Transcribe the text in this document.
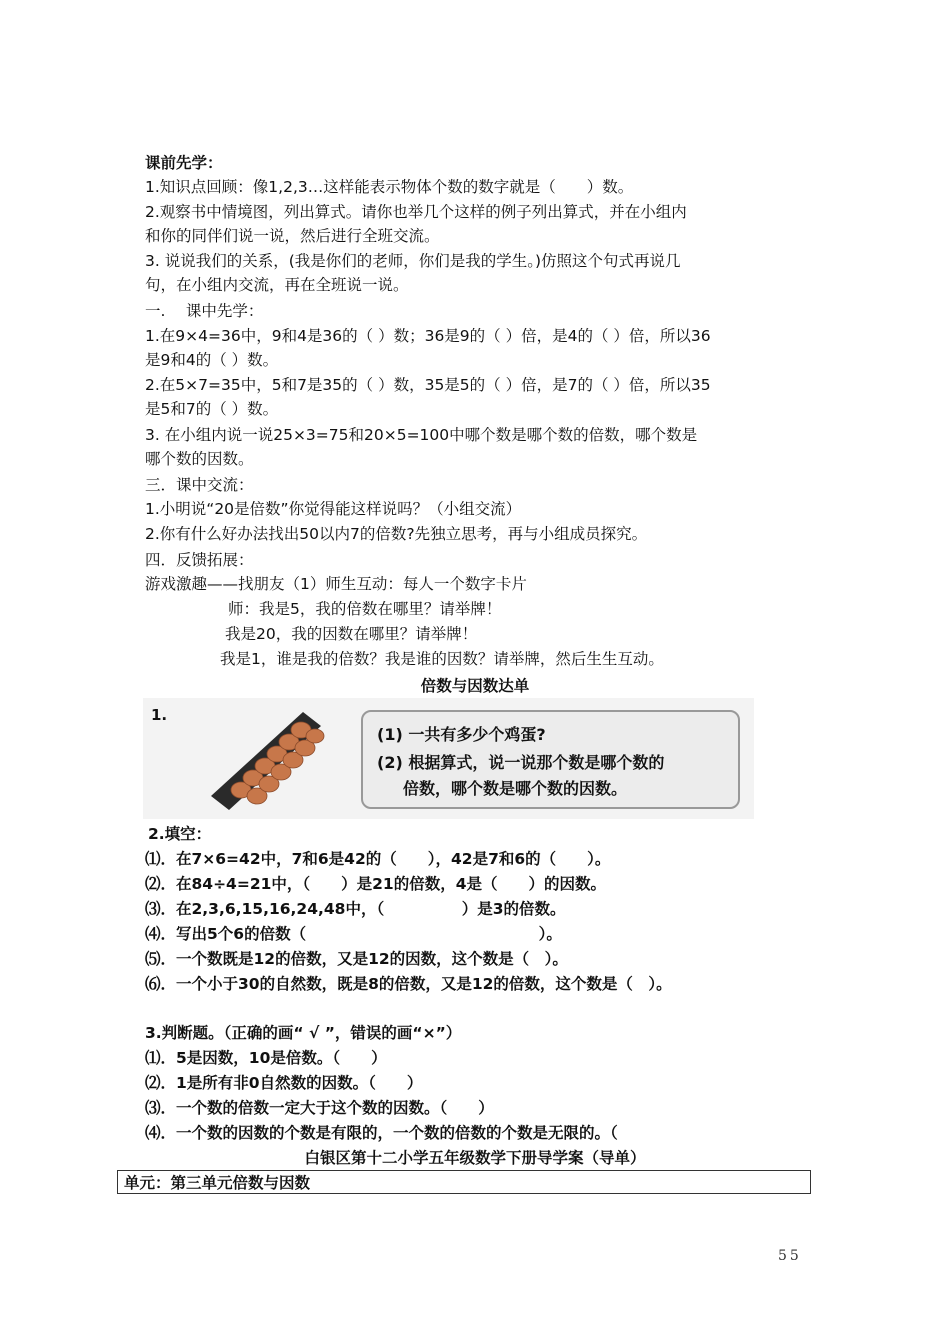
课前先学：
1.知识点回顾：像1,2,3…这样能表示物体个数的数字就是（　　）数。
2.观察书中情境图，列出算式。请你也举几个这样的例子列出算式，并在小组内
和你的同伴们说一说，然后进行全班交流。
3. 说说我们的关系，(我是你们的老师，你们是我的学生。)仿照这个句式再说几
句，在小组内交流，再在全班说一说。
一.　 课中先学：
1.在9×4=36中，9和4是36的（ ）数；36是9的（ ）倍，是4的（ ）倍，所以36
是9和4的（ ）数。
2.在5×7=35中，5和7是35的（ ）数，35是5的（ ）倍，是7的（ ）倍，所以35
是5和7的（ ）数。
3. 在小组内说一说25×3=75和20×5=100中哪个数是哪个数的倍数，哪个数是
哪个数的因数。
三．课中交流：
1.小明说“20是倍数”你觉得能这样说吗？（小组交流）
2.你有什么好办法找出50以内7的倍数?先独立思考，再与小组成员探究。
四．反馈拓展：
游戏激趣——找朋友（1）师生互动：每人一个数字卡片
师：我是5，我的倍数在哪里？请举牌！
我是20，我的因数在哪里？请举牌！
我是1，谁是我的倍数？我是谁的因数？请举牌，然后生生互动。
倍数与因数达单
1.
(1) 一共有多少个鸡蛋?
(2) 根据算式，说一说那个数是哪个数的
倍数，哪个数是哪个数的因数。
2.填空：
⑴．在7×6=42中，7和6是42的（　　），42是7和6的（　　）。
⑵．在84÷4=21中，（　　）是21的倍数，4是（　　）的因数。
⑶．在2,3,6,15,16,24,48中，（　　　　　）是3的倍数。
⑷．写出5个6的倍数（　　　　　　　　　　　　　　　）。
⑸．一个数既是12的倍数，又是12的因数，这个数是（　）。
⑹．一个小于30的自然数，既是8的倍数，又是12的倍数，这个数是（　）。
3.判断题。（正确的画“ √ ”，错误的画“×”）
⑴．5是因数，10是倍数。（　　）
⑵．1是所有非0自然数的因数。（　　）
⑶．一个数的倍数一定大于这个数的因数。（　　）
⑷．一个数的因数的个数是有限的，一个数的倍数的个数是无限的。（
白银区第十二小学五年级数学下册导学案（导单）
单元：第三单元倍数与因数
55
